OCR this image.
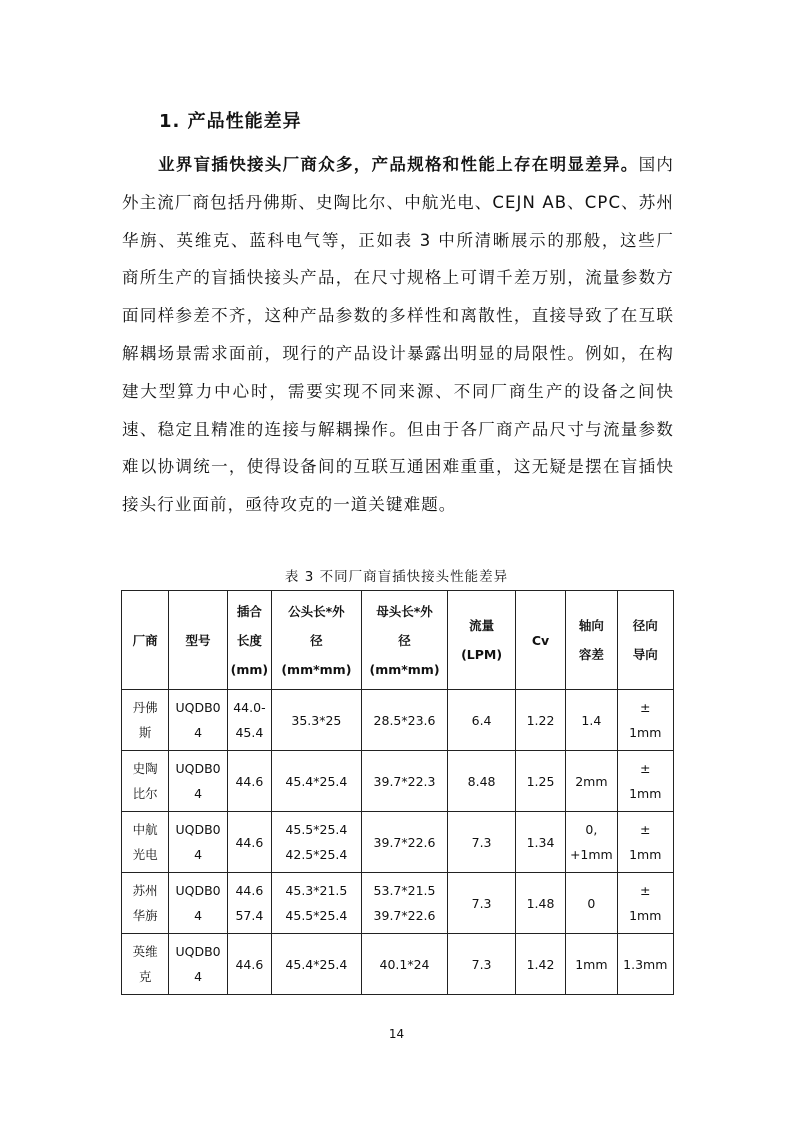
1. 产品性能差异
业界盲插快接头厂商众多，产品规格和性能上存在明显差异。国内外主流厂商包括丹佛斯、史陶比尔、中航光电、CEJN AB、CPC、苏州华旃、英维克、蓝科电气等，正如表 3 中所清晰展示的那般，这些厂商所生产的盲插快接头产品，在尺寸规格上可谓千差万别，流量参数方面同样参差不齐，这种产品参数的多样性和离散性，直接导致了在互联解耦场景需求面前，现行的产品设计暴露出明显的局限性。例如，在构建大型算力中心时，需要实现不同来源、不同厂商生产的设备之间快速、稳定且精准的连接与解耦操作。但由于各厂商产品尺寸与流量参数难以协调统一，使得设备间的互联互通困难重重，这无疑是摆在盲插快接头行业面前，亟待攻克的一道关键难题。
表 3 不同厂商盲插快接头性能差异
厂商	型号	插合
长度
(mm)	公头长*外
径
(mm*mm)	母头长*外
径
(mm*mm)	流量
(LPM)	Cv	轴向
容差	径向
导向
丹佛
斯	UQDB0
4	44.0-
45.4	35.3*25	28.5*23.6	6.4	1.22	1.4	±
1mm
史陶
比尔	UQDB0
4	44.6	45.4*25.4	39.7*22.3	8.48	1.25	2mm	±
1mm
中航
光电	UQDB0
4	44.6	45.5*25.4
42.5*25.4	39.7*22.6	7.3	1.34	0,
+1mm	±
1mm
苏州
华旃	UQDB0
4	44.6
57.4	45.3*21.5
45.5*25.4	53.7*21.5
39.7*22.6	7.3	1.48	0	±
1mm
英维
克	UQDB0
4	44.6	45.4*25.4	40.1*24	7.3	1.42	1mm	1.3mm
14
